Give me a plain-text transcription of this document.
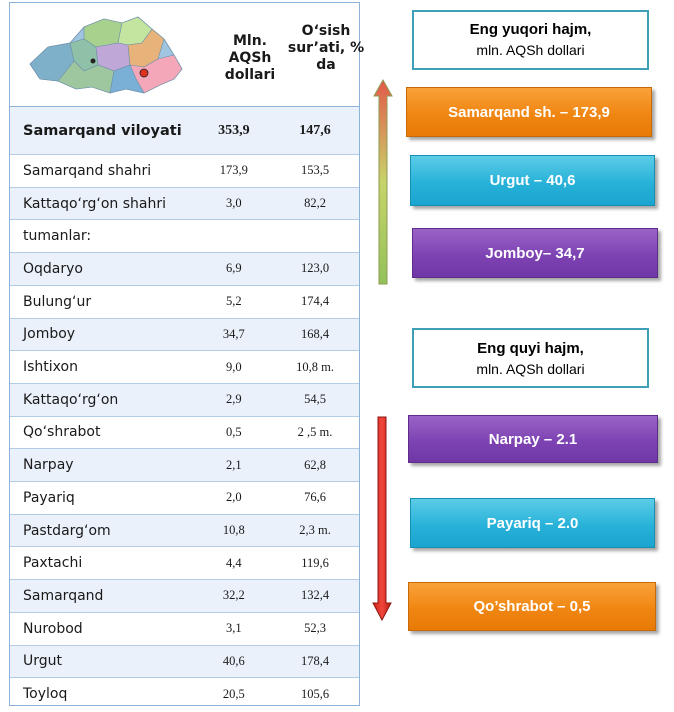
Mln. AQSh dollari
O‘sish sur’ati, % da
Samarqand viloyati	353,9	147,6
Samarqand shahri	173,9	153,5
Kattaqo‘rg‘on shahri	3,0	82,2
tumanlar:
Oqdaryo	6,9	123,0
Bulung‘ur	5,2	174,4
Jomboy	34,7	168,4
Ishtixon	9,0	10,8 m.
Kattaqo‘rg‘on	2,9	54,5
Qo‘shrabot	0,5	2 ,5 m.
Narpay	2,1	62,8
Payariq	2,0	76,6
Pastdarg‘om	10,8	2,3 m.
Paxtachi	4,4	119,6
Samarqand	32,2	132,4
Nurobod	3,1	52,3
Urgut	40,6	178,4
Toyloq	20,5	105,6
Eng yuqori hajm,
mln. AQSh dollari
Samarqand sh. – 173,9
Urgut – 40,6
Jomboy– 34,7
Eng quyi hajm,
mln. AQSh dollari
Narpay – 2.1
Payariq – 2.0
Qo’shrabot – 0,5
